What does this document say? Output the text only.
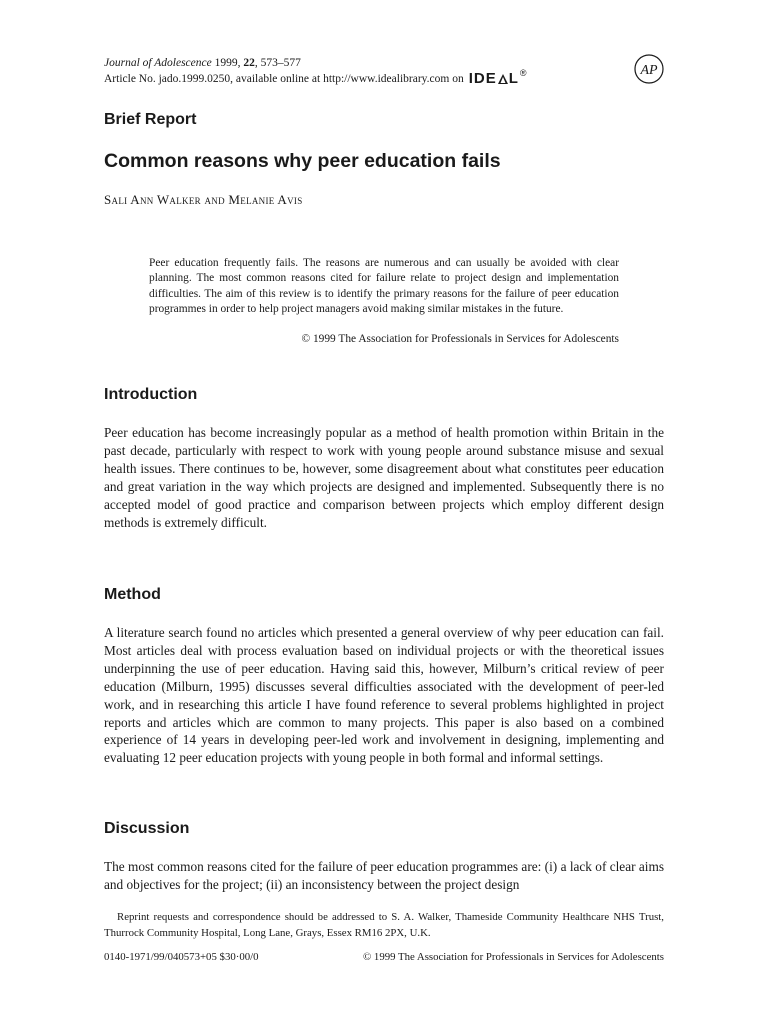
Journal of Adolescence 1999, 22, 573–577
Article No. jado.1999.0250, available online at http://www.idealibrary.com on IDE L ®	AP
Brief Report
Common reasons why peer education fails
Sali Ann Walker and Melanie Avis
Peer education frequently fails. The reasons are numerous and can usually be avoided with clear planning. The most common reasons cited for failure relate to project design and implementation difficulties. The aim of this review is to identify the primary reasons for the failure of peer education programmes in order to help project managers avoid making similar mistakes in the future.
© 1999 The Association for Professionals in Services for Adolescents
Introduction
Peer education has become increasingly popular as a method of health promotion within Britain in the past decade, particularly with respect to work with young people around substance misuse and sexual health issues. There continues to be, however, some disagreement about what constitutes peer education and great variation in the way which projects are designed and implemented. Subsequently there is no accepted model of good practice and comparison between projects which employ different design methods is extremely difficult.
Method
A literature search found no articles which presented a general overview of why peer education can fail. Most articles deal with process evaluation based on individual projects or with the theoretical issues underpinning the use of peer education. Having said this, however, Milburn’s critical review of peer education (Milburn, 1995) discusses several difficulties associated with the development of peer-led work, and in researching this article I have found reference to several problems highlighted in project reports and articles which are common to many projects. This paper is also based on a combined experience of 14 years in developing peer-led work and involvement in designing, implementing and evaluating 12 peer education projects with young people in both formal and informal settings.
Discussion
The most common reasons cited for the failure of peer education programmes are: (i) a lack of clear aims and objectives for the project; (ii) an inconsistency between the project design
Reprint requests and correspondence should be addressed to S. A. Walker, Thameside Community Healthcare NHS Trust, Thurrock Community Hospital, Long Lane, Grays, Essex RM16 2PX, U.K.
0140-1971/99/040573+05 $30·00/0	© 1999 The Association for Professionals in Services for Adolescents
